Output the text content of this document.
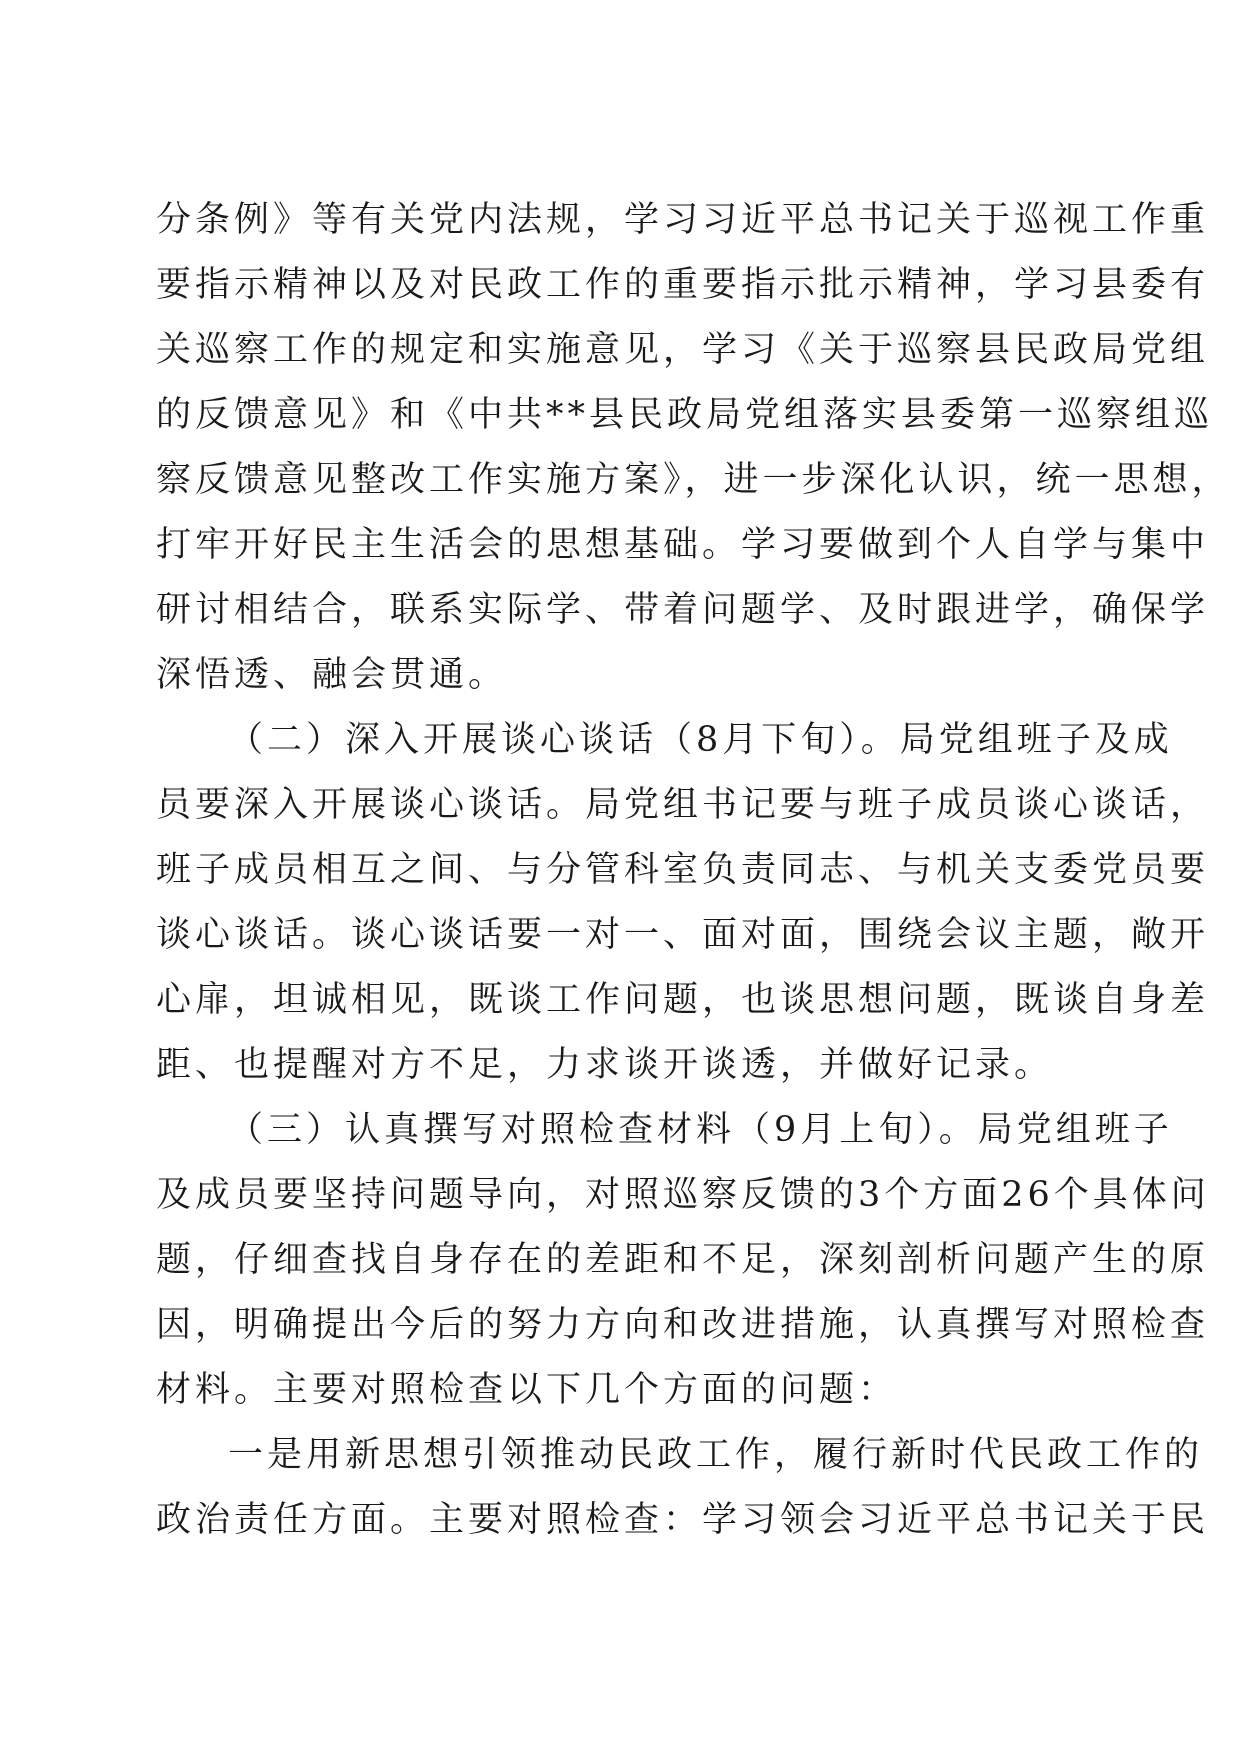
分条例》等有关党内法规，学习习近平总书记关于巡视工作重
要指示精神以及对民政工作的重要指示批示精神，学习县委有
关巡察工作的规定和实施意见，学习《关于巡察县民政局党组
的反馈意见》和《中共**县民政局党组落实县委第一巡察组巡
察反馈意见整改工作实施方案》，进一步深化认识，统一思想，
打牢开好民主生活会的思想基础。学习要做到个人自学与集中
研讨相结合，联系实际学、带着问题学、及时跟进学，确保学
深悟透、融会贯通。
（二）深入开展谈心谈话（8月下旬）。局党组班子及成
员要深入开展谈心谈话。局党组书记要与班子成员谈心谈话，
班子成员相互之间、与分管科室负责同志、与机关支委党员要
谈心谈话。谈心谈话要一对一、面对面，围绕会议主题，敞开
心扉，坦诚相见，既谈工作问题，也谈思想问题，既谈自身差
距、也提醒对方不足，力求谈开谈透，并做好记录。
（三）认真撰写对照检查材料（9月上旬）。局党组班子
及成员要坚持问题导向，对照巡察反馈的3个方面26个具体问
题，仔细查找自身存在的差距和不足，深刻剖析问题产生的原
因，明确提出今后的努力方向和改进措施，认真撰写对照检查
材料。主要对照检查以下几个方面的问题：
一是用新思想引领推动民政工作，履行新时代民政工作的
政治责任方面。主要对照检查：学习领会习近平总书记关于民
